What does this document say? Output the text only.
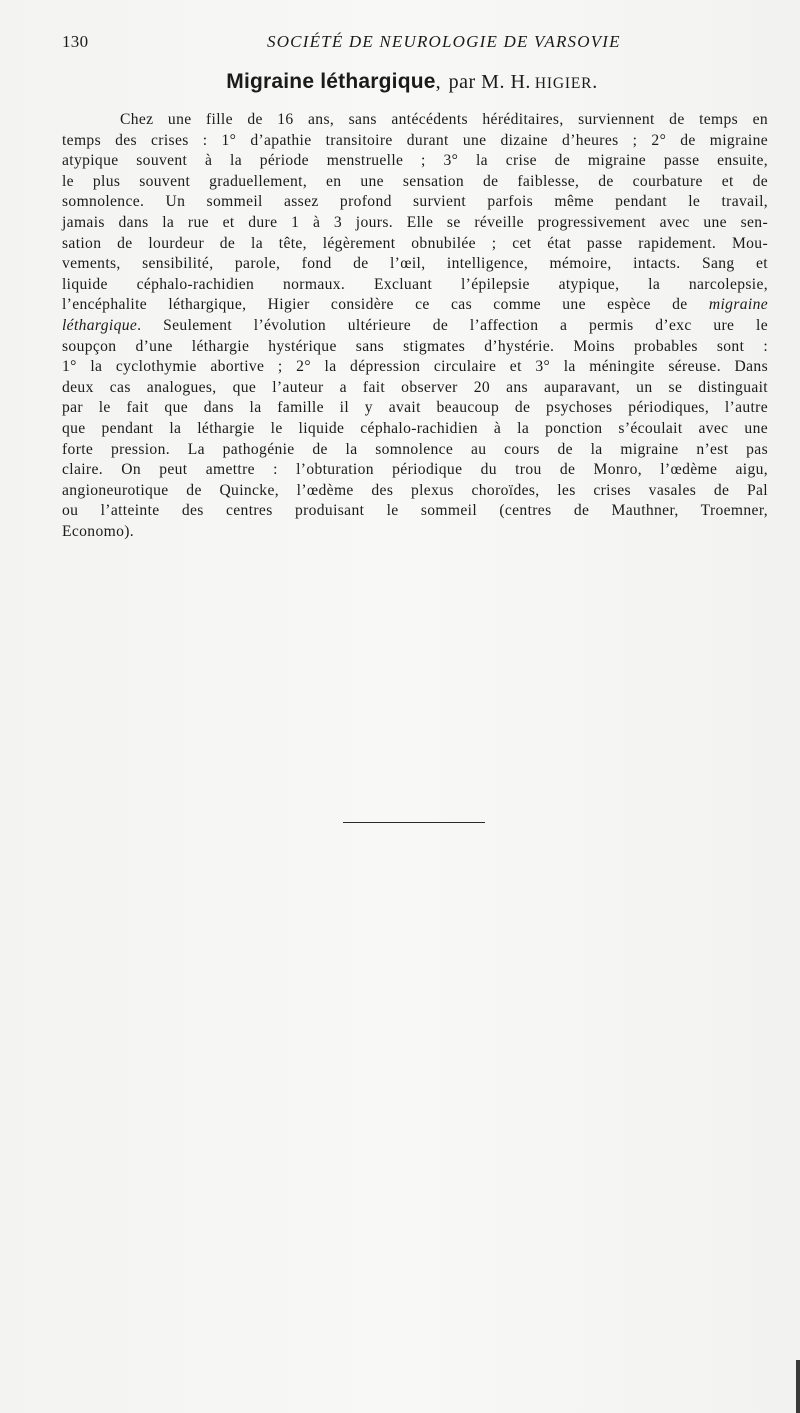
130	SOCIÉTÉ DE NEUROLOGIE DE VARSOVIE
Migraine léthargique, par M. H. HIGIER.
Chez une fille de 16 ans, sans antécédents héréditaires, surviennent de temps en
temps des crises : 1° d’apathie transitoire durant une dizaine d’heures ; 2° de migraine
atypique souvent à la période menstruelle ; 3° la crise de migraine passe ensuite,
le plus souvent graduellement, en une sensation de faiblesse, de courbature et de
somnolence. Un sommeil assez profond survient parfois même pendant le travail,
jamais dans la rue et dure 1 à 3 jours. Elle se réveille progressivement avec une sen-
sation de lourdeur de la tête, légèrement obnubilée ; cet état passe rapidement. Mou-
vements, sensibilité, parole, fond de l’œil, intelligence, mémoire, intacts. Sang et
liquide céphalo-rachidien normaux. Excluant l’épilepsie atypique, la narcolepsie,
l’encéphalite léthargique, Higier considère ce cas comme une espèce de migraine
léthargique. Seulement l’évolution ultérieure de l’affection a permis d’exc ure le
soupçon d’une léthargie hystérique sans stigmates d’hystérie. Moins probables sont :
1° la cyclothymie abortive ; 2° la dépression circulaire et 3° la méningite séreuse. Dans
deux cas analogues, que l’auteur a fait observer 20 ans auparavant, un se distinguait
par le fait que dans la famille il y avait beaucoup de psychoses périodiques, l’autre
que pendant la léthargie le liquide céphalo-rachidien à la ponction s’écoulait avec une
forte pression. La pathogénie de la somnolence au cours de la migraine n’est pas
claire. On peut amettre : l’obturation périodique du trou de Monro, l’œdème aigu,
angioneurotique de Quincke, l’œdème des plexus choroïdes, les crises vasales de Pal
ou l’atteinte des centres produisant le sommeil (centres de Mauthner, Troemner,
Economo).
